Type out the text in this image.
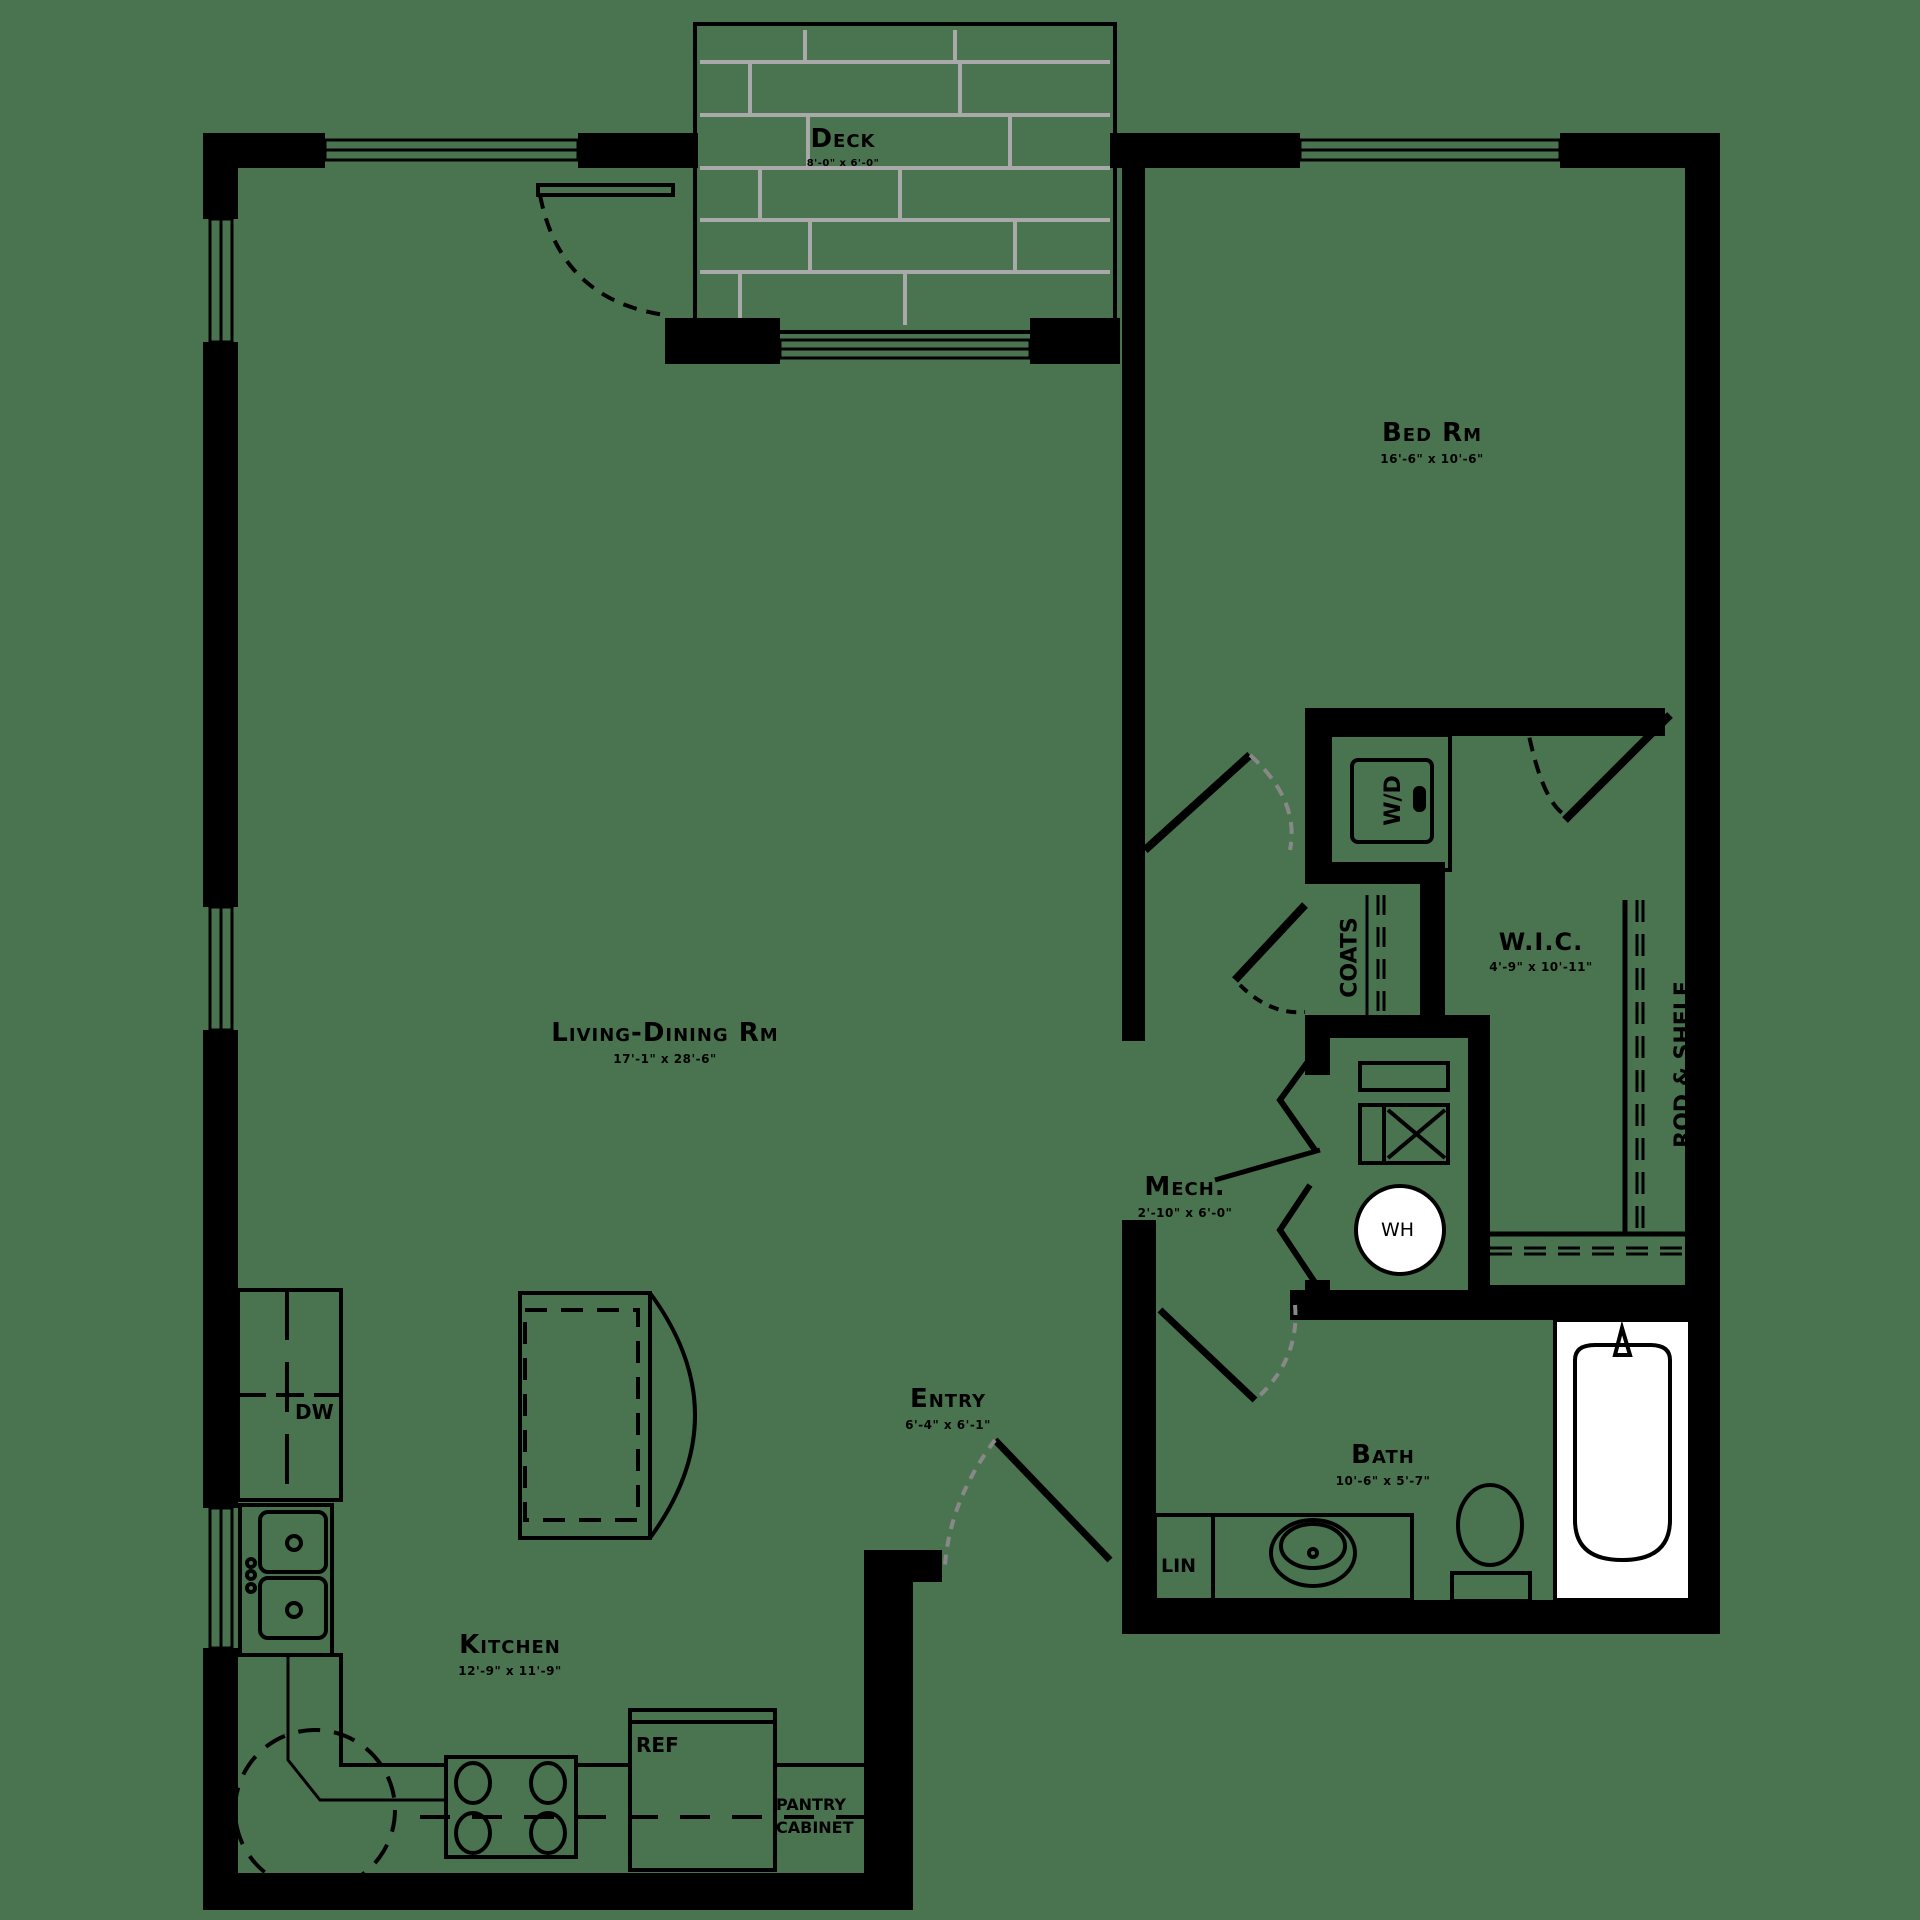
Deck
8'-0" x 6'-0"
Bed Rm
16'-6" x 10'-6"
Living-Dining Rm
17'-1" x 28'-6"
W.I.C.
4'-9" x 10'-11"
Mech.
2'-10" x 6'-0"
Entry
6'-4" x 6'-1"
Bath
10'-6" x 5'-7"
Kitchen
12'-9" x 11'-9"
W/D
COATS
ROD & SHELF
WH
LIN
DW
REF
PANTRY
CABINET
